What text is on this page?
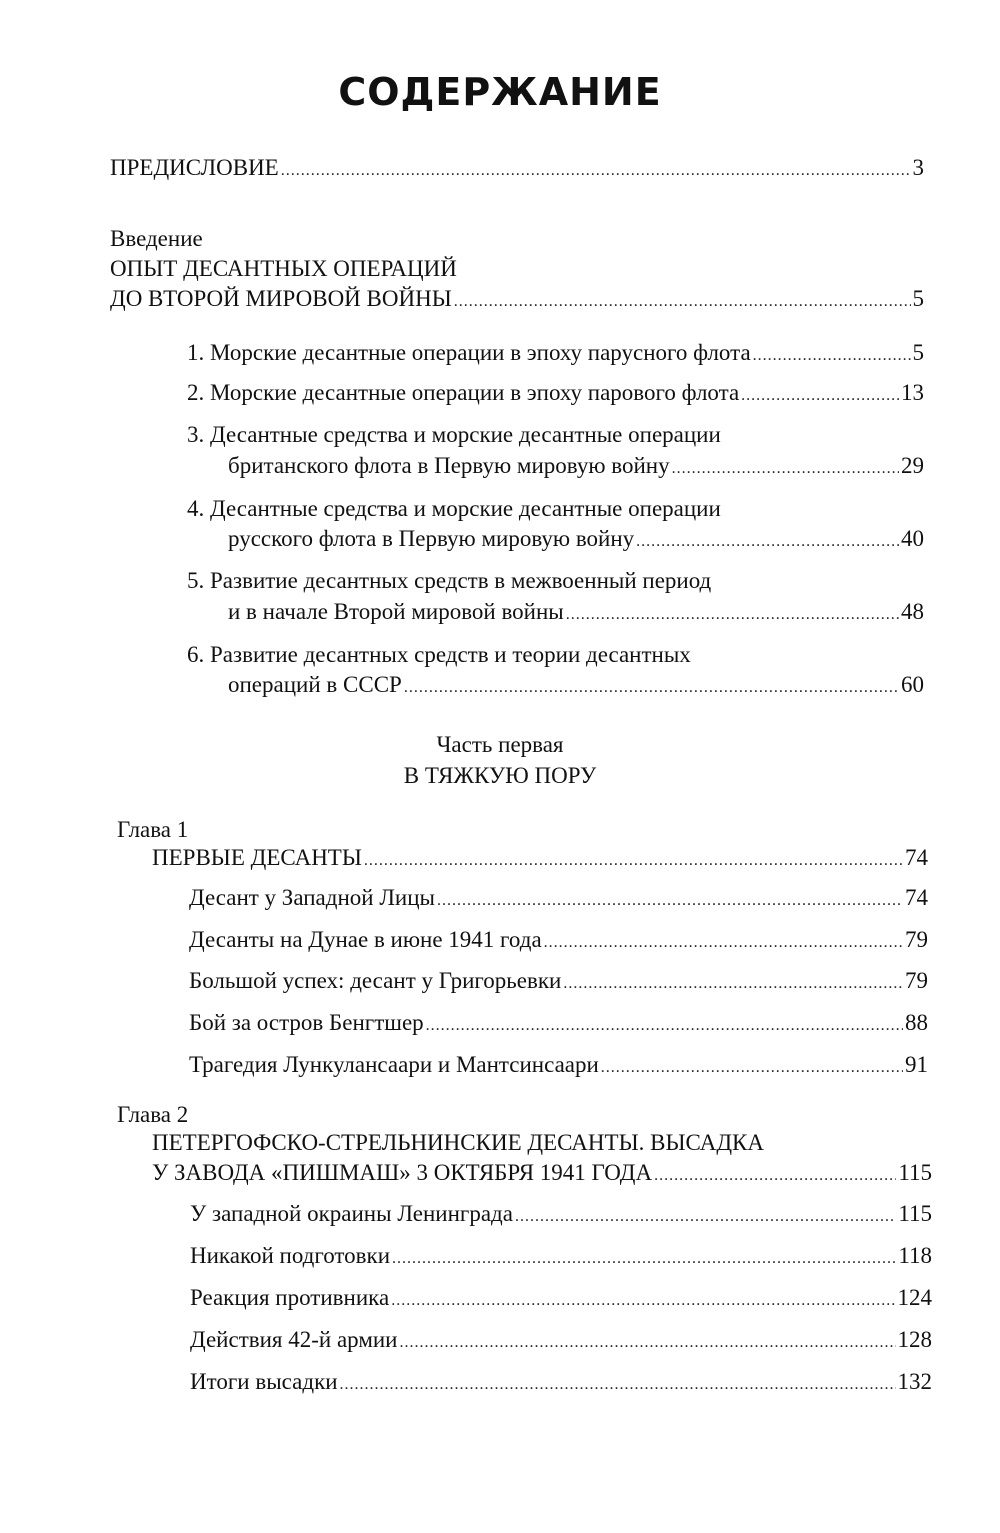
СОДЕРЖАНИЕ
ПРЕДИСЛОВИЕ .....	3
Введение
ОПЫТ ДЕСАНТНЫХ ОПЕРАЦИЙ
ДО ВТОРОЙ МИРОВОЙ ВОЙНЫ .....	5
1. Морские десантные операции в эпоху парусного флота .....	5
2. Морские десантные операции в эпоху парового флота .....	13
3. Десантные средства и морские десантные операции
британского флота в Первую мировую войну .....	29
4. Десантные средства и морские десантные операции
русского флота в Первую мировую войну .....	40
5. Развитие десантных средств в межвоенный период
и в начале Второй мировой войны .....	48
6. Развитие десантных средств и теории десантных
операций в СССР .....	60
Часть первая
В ТЯЖКУЮ ПОРУ
Глава 1
ПЕРВЫЕ ДЕСАНТЫ .....	74
Десант у Западной Лицы .....	74
Десанты на Дунае в июне 1941 года .....	79
Большой успех: десант у Григорьевки .....	79
Бой за остров Бенгтшер .....	88
Трагедия Лункулансаари и Мантсинсаари .....	91
Глава 2
ПЕТЕРГОФСКО-СТРЕЛЬНИНСКИЕ ДЕСАНТЫ. ВЫСАДКА
У ЗАВОДА «ПИШМАШ» 3 ОКТЯБРЯ 1941 ГОДА .....	115
У западной окраины Ленинграда .....	115
Никакой подготовки .....	118
Реакция противника .....	124
Действия 42-й армии .....	128
Итоги высадки .....	132
